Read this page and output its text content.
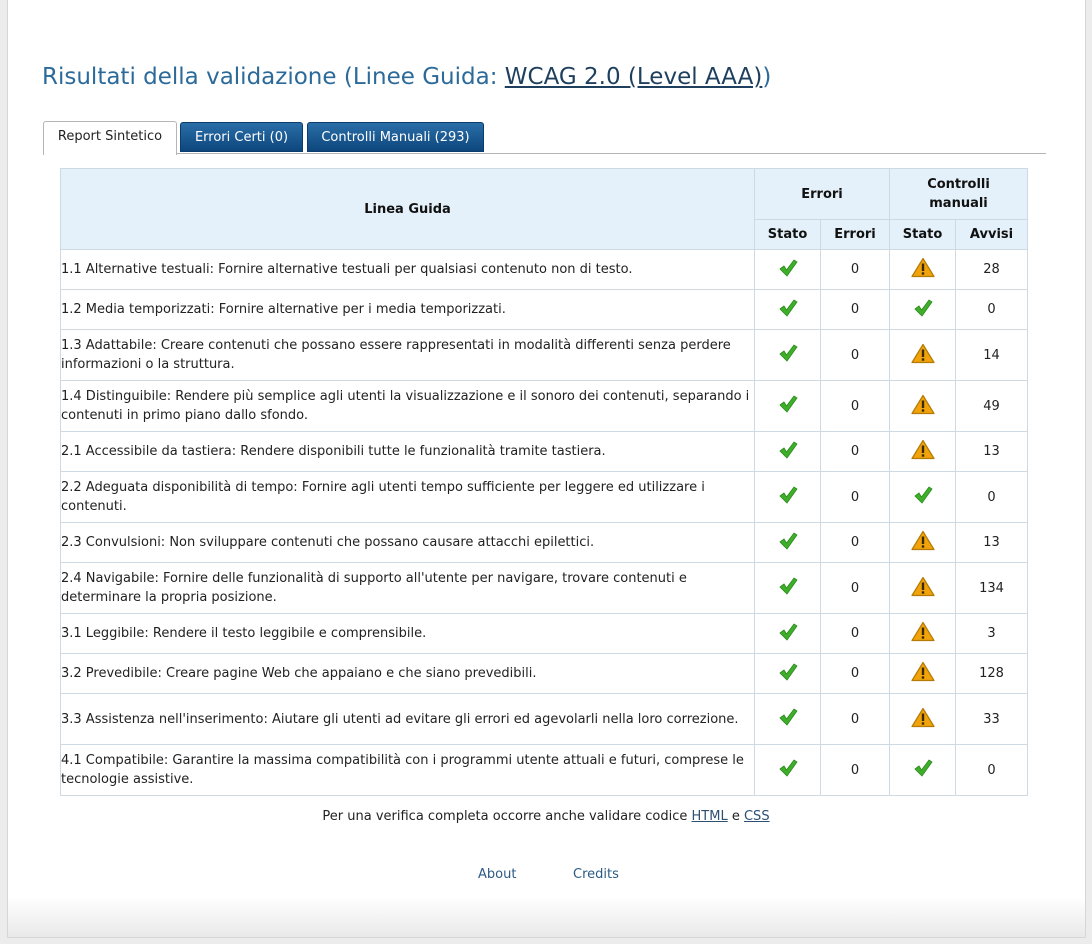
Risultati della validazione (Linee Guida: WCAG 2.0 (Level AAA))
Report Sintetico	Errori Certi (0)	Controlli Manuali (293)
Linea Guida	Errori		Controlli manuali	
	Stato	Errori	Stato	Avvisi
1.1 Alternative testuali: Fornire alternative testuali per qualsiasi contenuto non di testo.		0		28
1.2 Media temporizzati: Fornire alternative per i media temporizzati.		0		0
1.3 Adattabile: Creare contenuti che possano essere rappresentati in modalità differenti senza perdere informazioni o la struttura.		0		14
1.4 Distinguibile: Rendere più semplice agli utenti la visualizzazione e il sonoro dei contenuti, separando i contenuti in primo piano dallo sfondo.		0		49
2.1 Accessibile da tastiera: Rendere disponibili tutte le funzionalità tramite tastiera.		0		13
2.2 Adeguata disponibilità di tempo: Fornire agli utenti tempo sufficiente per leggere ed utilizzare i contenuti.		0		0
2.3 Convulsioni: Non sviluppare contenuti che possano causare attacchi epilettici.		0		13
2.4 Navigabile: Fornire delle funzionalità di supporto all'utente per navigare, trovare contenuti e determinare la propria posizione.		0		134
3.1 Leggibile: Rendere il testo leggibile e comprensibile.		0		3
3.2 Prevedibile: Creare pagine Web che appaiano e che siano prevedibili.		0		128
3.3 Assistenza nell'inserimento: Aiutare gli utenti ad evitare gli errori ed agevolarli nella loro correzione.		0		33
4.1 Compatibile: Garantire la massima compatibilità con i programmi utente attuali e futuri, comprese le tecnologie assistive.		0		0
Per una verifica completa occorre anche validare codice HTML e CSS
About	Credits
